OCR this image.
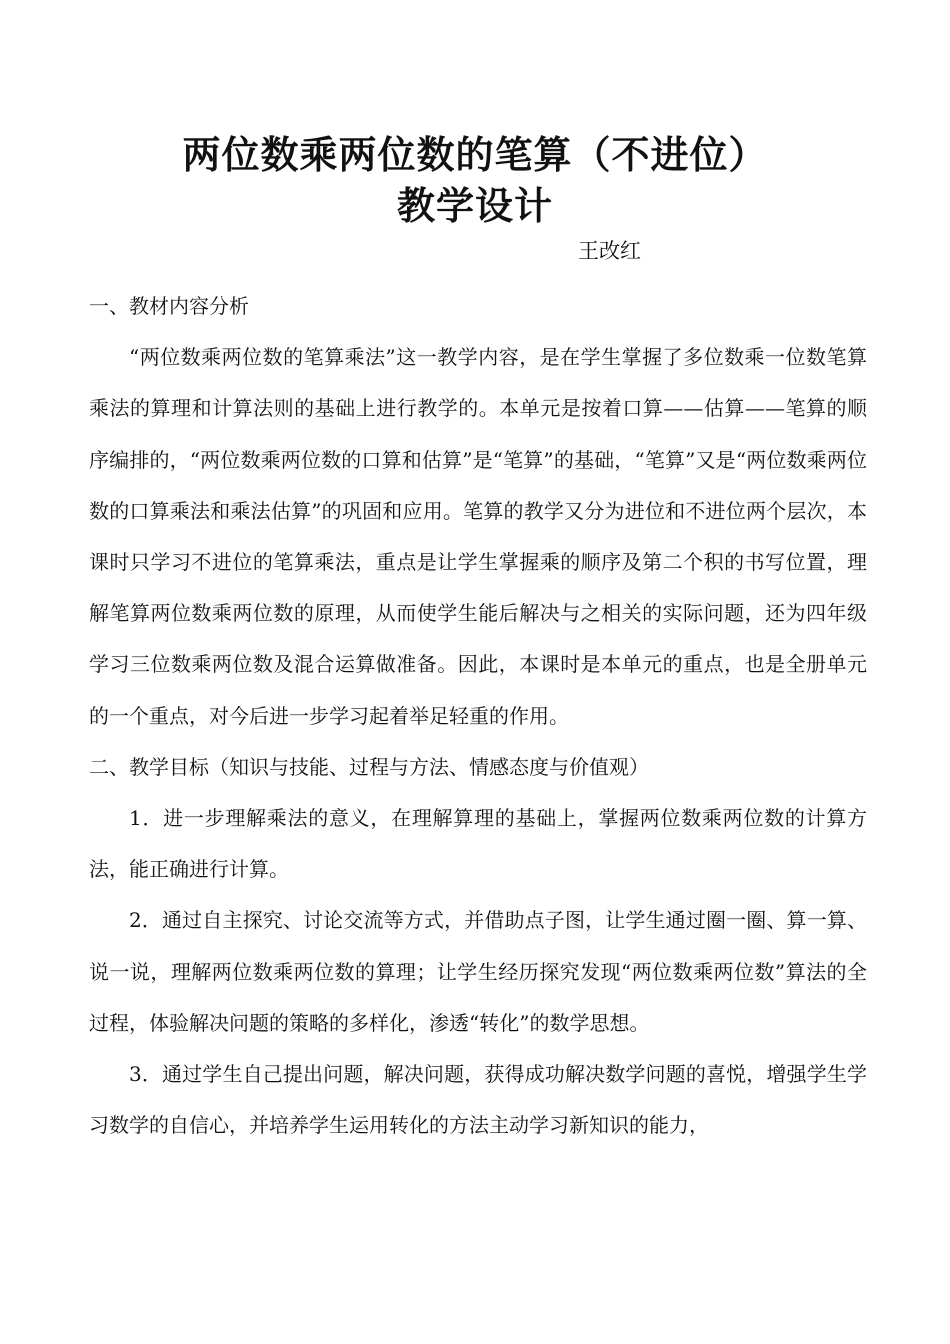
两位数乘两位数的笔算（不进位）
教学设计
王改红

一、教材内容分析

“两位数乘两位数的笔算乘法”这一教学内容，是在学生掌握了多位数乘一位数笔算乘法的算理和计算法则的基础上进行教学的。本单元是按着口算——估算——笔算的顺序编排的，“两位数乘两位数的口算和估算”是“笔算”的基础，“笔算”又是“两位数乘两位数的口算乘法和乘法估算”的巩固和应用。笔算的教学又分为进位和不进位两个层次，本课时只学习不进位的笔算乘法，重点是让学生掌握乘的顺序及第二个积的书写位置，理解笔算两位数乘两位数的原理，从而使学生能后解决与之相关的实际问题，还为四年级学习三位数乘两位数及混合运算做准备。因此，本课时是本单元的重点，也是全册单元的一个重点，对今后进一步学习起着举足轻重的作用。

二、教学目标（知识与技能、过程与方法、情感态度与价值观）

1．进一步理解乘法的意义，在理解算理的基础上，掌握两位数乘两位数的计算方法，能正确进行计算。

2．通过自主探究、讨论交流等方式，并借助点子图，让学生通过圈一圈、算一算、说一说，理解两位数乘两位数的算理；让学生经历探究发现“两位数乘两位数”算法的全过程，体验解决问题的策略的多样化，渗透“转化”的数学思想。

3．通过学生自己提出问题，解决问题，获得成功解决数学问题的喜悦，增强学生学习数学的自信心，并培养学生运用转化的方法主动学习新知识的能力，
